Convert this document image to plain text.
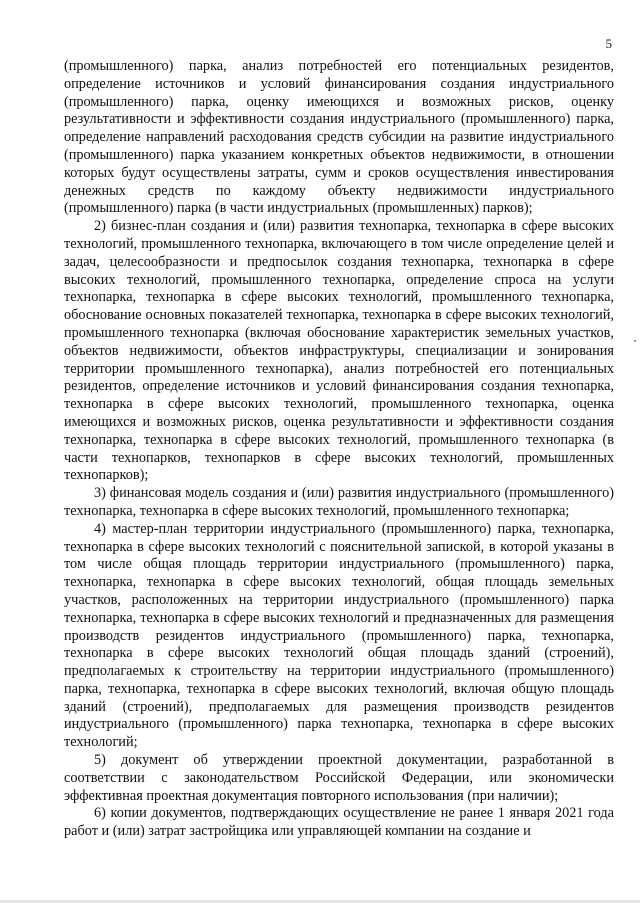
5

(промышленного) парка, анализ потребностей его потенциальных резидентов, определение источников и условий финансирования создания индустриального (промышленного) парка, оценку имеющихся и возможных рисков, оценку результативности и эффективности создания индустриального (промышленного) парка, определение направлений расходования средств субсидии на развитие индустриального (промышленного) парка указанием конкретных объектов недвижимости, в отношении которых будут осуществлены затраты, сумм и сроков осуществления инвестирования денежных средств по каждому объекту недвижимости индустриального (промышленного) парка (в части индустриальных (промышленных) парков);

2) бизнес-план создания и (или) развития технопарка, технопарка в сфере высоких технологий, промышленного технопарка, включающего в том числе определение целей и задач, целесообразности и предпосылок создания технопарка, технопарка в сфере высоких технологий, промышленного технопарка, определение спроса на услуги технопарка, технопарка в сфере высоких технологий, промышленного технопарка, обоснование основных показателей технопарка, технопарка в сфере высоких технологий, промышленного технопарка (включая обоснование характеристик земельных участков, объектов недвижимости, объектов инфраструктуры, специализации и зонирования территории промышленного технопарка), анализ потребностей его потенциальных резидентов, определение источников и условий финансирования создания технопарка, технопарка в сфере высоких технологий, промышленного технопарка, оценка имеющихся и возможных рисков, оценка результативности и эффективности создания технопарка, технопарка в сфере высоких технологий, промышленного технопарка (в части технопарков, технопарков в сфере высоких технологий, промышленных технопарков);

3) финансовая модель создания и (или) развития индустриального (промышленного) технопарка, технопарка в сфере высоких технологий, промышленного технопарка;

4) мастер-план территории индустриального (промышленного) парка, технопарка, технопарка в сфере высоких технологий с пояснительной запиской, в которой указаны в том числе общая площадь территории индустриального (промышленного) парка, технопарка, технопарка в сфере высоких технологий, общая площадь земельных участков, расположенных на территории индустриального (промышленного) парка технопарка, технопарка в сфере высоких технологий и предназначенных для размещения производств резидентов индустриального (промышленного) парка, технопарка, технопарка в сфере высоких технологий общая площадь зданий (строений), предполагаемых к строительству на территории индустриального (промышленного) парка, технопарка, технопарка в сфере высоких технологий, включая общую площадь зданий (строений), предполагаемых для размещения производств резидентов индустриального (промышленного) парка технопарка, технопарка в сфере высоких технологий;

5) документ об утверждении проектной документации, разработанной в соответствии с законодательством Российской Федерации, или экономически эффективная проектная документация повторного использования (при наличии);

6) копии документов, подтверждающих осуществление не ранее 1 января 2021 года работ и (или) затрат застройщика или управляющей компании на создание и
